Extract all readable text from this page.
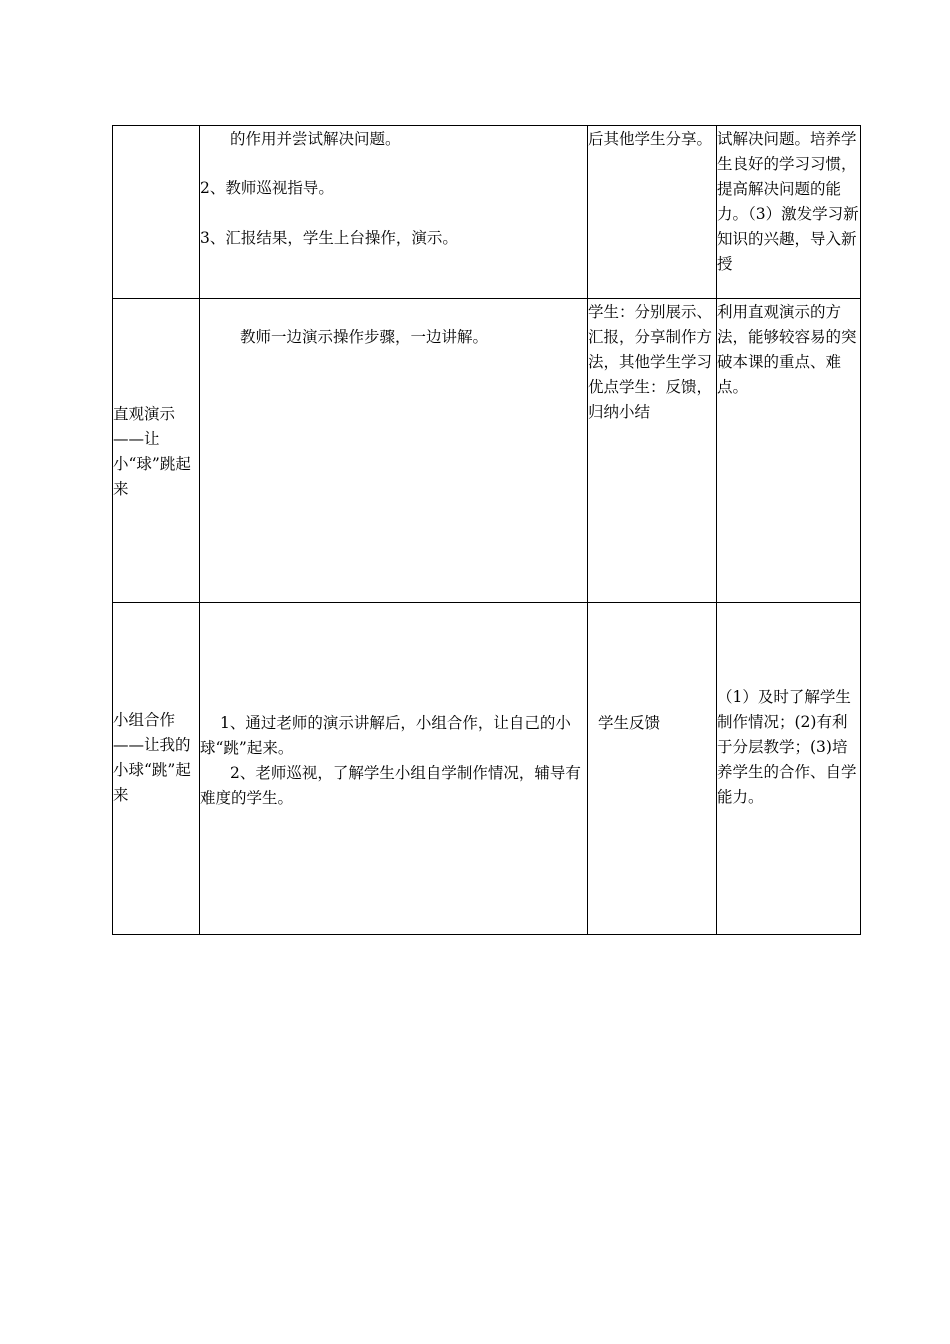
	的作用并尝试解决问题。

2、教师巡视指导。

3、汇报结果，学生上台操作，演示。	后其他学生分享。	试解决问题。培养学生良好的学习习惯，提高解决问题的能力。（3）激发学习新知识的兴趣，导入新授

直观演示——让小“球”跳起来	教师一边演示操作步骤，一边讲解。	学生：分别展示、汇报，分享制作方法，其他学生学习优点学生：反馈，归纳小结	利用直观演示的方法，能够较容易的突破本课的重点、难点。

小组合作——让我的小球“跳”起来	1、通过老师的演示讲解后，小组合作，让自己的小球“跳”起来。

2、老师巡视，了解学生小组自学制作情况，辅导有难度的学生。	学生反馈	（1）及时了解学生制作情况；(2)有利于分层教学；(3)培养学生的合作、自学能力。
